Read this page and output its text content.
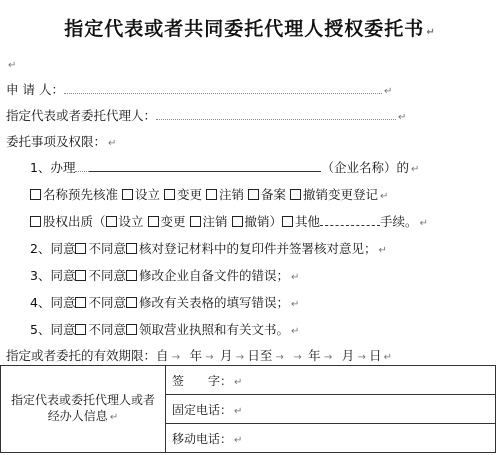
指定代表或者共同委托代理人授权委托书 ↵
↵
申 请 人：	↵
指定代表或者委托代理人：	↵
委托事项及权限： ↵
1、办理	（企业名称）的 ↵
名称预先核准 设立 变更 注销 备案 撤销变更登记 ↵
股权出质（ 设立 变更 注销 撤销） 其他	手续。 ↵
2、同意 不同意 核对登记材料中的复印件并签署核对意见； ↵
3、同意 不同意 修改企业自备文件的错误； ↵
4、同意 不同意 修改有关表格的填写错误； ↵
5、同意 不同意 领取营业执照和有关文书。 ↵
指定或者委托的有效期限：自 →   年 →  月 → 日至 →   →  年 →   月 → 日 ↵
指定代表或委托代理人或者经办人信息 ↵	签　　字： ↵
固定电话： ↵
移动电话： ↵
